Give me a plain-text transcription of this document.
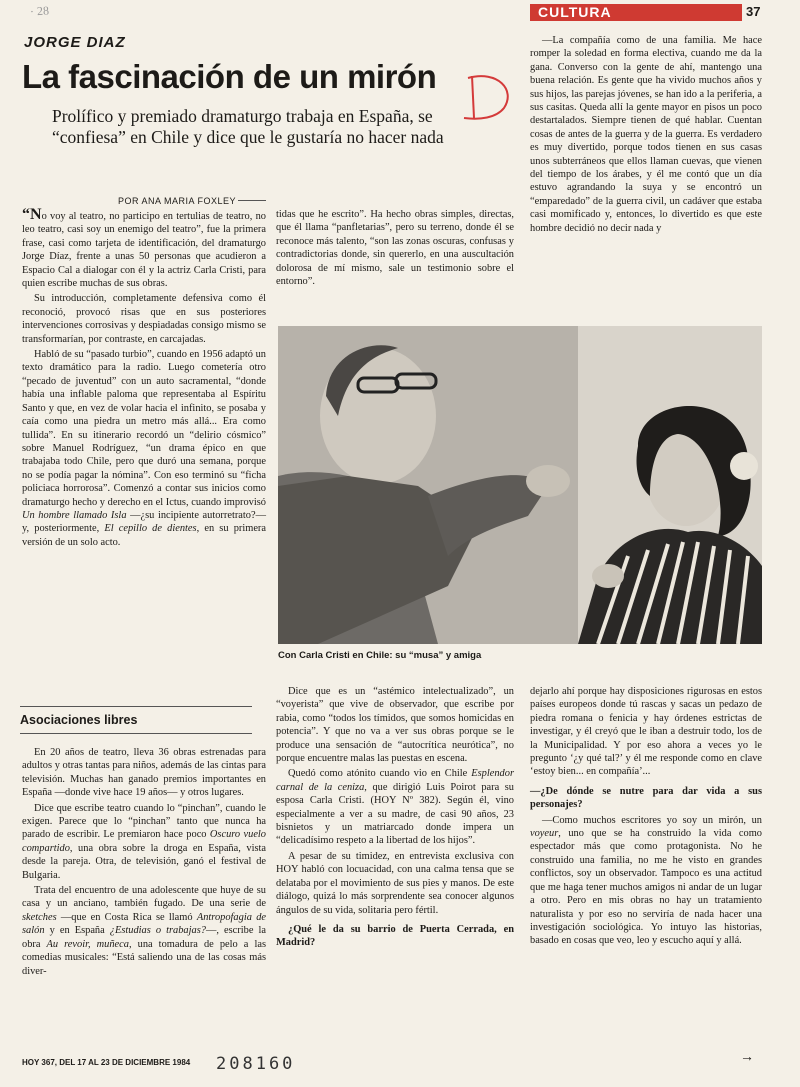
· 28	CULTURA	37
JORGE DIAZ
La fascinación de un mirón
Prolífico y premiado dramaturgo trabaja en España, se “confiesa” en Chile y dice que le gustaría no hacer nada
POR ANA MARIA FOXLEY

“No voy al teatro, no participo en tertulias de teatro, no leo teatro, casi soy un enemigo del teatro”, fue la primera frase, casi como tarjeta de identificación, del dramaturgo Jorge Díaz, frente a unas 50 personas que acudieron a Espacio Cal a dialogar con él y la actriz Carla Cristi, para quien escribe muchas de sus obras.

Su introducción, completamente defensiva como él reconoció, provocó risas que en sus posteriores intervenciones corrosivas y despiadadas consigo mismo se transformarían, por contraste, en carcajadas.

Habló de su “pasado turbio”, cuando en 1956 adaptó un texto dramático para la radio. Luego cometería otro “pecado de juventud” con un auto sacramental, “donde había una inflable paloma que representaba al Espíritu Santo y que, en vez de volar hacia el infinito, se posaba y caía como una piedra un metro más allá... Era como tullida”. En su itinerario recordó un “delirio cósmico” sobre Manuel Rodríguez, “un drama épico en que trabajaba todo Chile, pero que duró una semana, porque no se podía pagar la nómina”. Con eso terminó su “ficha policiaca horrorosa”. Comenzó a contar sus inicios como dramaturgo hecho y derecho en el Ictus, cuando improvisó Un hombre llamado Isla —¿su incipiente autorretrato?— y, posteriormente, El cepillo de dientes, en su primera versión de un solo acto.

Asociaciones libres

En 20 años de teatro, lleva 36 obras estrenadas para adultos y otras tantas para niños, además de las cintas para televisión. Muchas han ganado premios importantes en España —donde vive hace 19 años— y otros lugares.

Dice que escribe teatro cuando lo “pinchan”, cuando le exigen. Parece que lo “pinchan” tanto que nunca ha parado de escribir. Le premiaron hace poco Oscuro vuelo compartido, una obra sobre la droga en España, vista desde la pareja. Otra, de televisión, ganó el festival de Bulgaria.

Trata del encuentro de una adolescente que huye de su casa y un anciano, también fugado. De una serie de sketches —que en Costa Rica se llamó Antropofagia de salón y en España ¿Estudias o trabajas?—, escribe la obra Au revoir, muñeca, una tomadura de pelo a las comedias musicales: “Está saliendo una de las cosas más diver-

tidas que he escrito”. Ha hecho obras simples, directas, que él llama “panfletarias”, pero su terreno, donde él se reconoce más talento, “son las zonas oscuras, confusas y contradictorias donde, sin quererlo, en una auscultación dolorosa de mí mismo, sale un testimonio sobre el entorno”.

—La compañía como de una familia. Me hace romper la soledad en forma electiva, cuando me da la gana. Converso con la gente de ahí, mantengo una buena relación. Es gente que ha vivido muchos años y sus hijos, las parejas jóvenes, se han ido a la periferia, a sus casitas. Queda allí la gente mayor en pisos un poco destartalados. Siempre tienen de qué hablar. Cuentan cosas de antes de la guerra y de la guerra. Es verdadero es muy divertido, porque todos tienen en sus casas unos subterráneos que ellos llaman cuevas, que vienen del tiempo de los árabes, y él me contó que un día estuvo agrandando la suya y se encontró un “emparedado” de la guerra civil, un cadáver que estaba casi momificado y, entonces, lo divertido es que este hombre decidió no decir nada y

Con Carla Cristi en Chile: su “musa” y amiga

Dice que es un “astémico intelectualizado”, un “voyerista” que vive de observador, que escribe por rabia, como “todos los tímidos, que somos homicidas en potencia”. Y que no va a ver sus obras porque se le produce una sensación de “autocrítica neurótica”, no porque encuentre malas las puestas en escena.

Quedó como atónito cuando vio en Chile Esplendor carnal de la ceniza, que dirigió Luis Poirot para su esposa Carla Cristi. (HOY Nº 382). Según él, vino especialmente a ver a su madre, de casi 90 años, 23 bisnietos y un matriarcado donde impera un “delicadísimo respeto a la libertad de los hijos”.

A pesar de su timidez, en entrevista exclusiva con HOY habló con locuacidad, con una calma tensa que se delataba por el movimiento de sus pies y manos. De este diálogo, quizá lo más sorprendente sea conocer algunos ángulos de su vida, solitaria pero fértil.

¿Qué le da su barrio de Puerta Cerrada, en Madrid?

dejarlo ahí porque hay disposiciones rigurosas en estos países europeos donde tú rascas y sacas un pedazo de piedra romana o fenicia y hay órdenes estrictas de investigar, y él creyó que le iban a destruir todo, los de la Municipalidad. Y por eso ahora a veces yo le pregunto ‘¿y qué tal?’ y él me responde como en clave ‘estoy bien... en compañía’...

—¿De dónde se nutre para dar vida a sus personajes?

—Como muchos escritores yo soy un mirón, un voyeur, uno que se ha construido la vida como espectador más que como protagonista. No he construido una familia, no me he visto en grandes conflictos, soy un observador. Tampoco es una actitud que me haga tener muchos amigos ni andar de un lugar a otro. Pero en mis obras no hay un tratamiento naturalista y por eso no serviría de nada hacer una investigación sociológica. Yo intuyo las historias, basado en cosas que veo, leo y escucho aquí y allá.

HOY 367, DEL 17 AL 23 DE DICIEMBRE 1984 208160	→
